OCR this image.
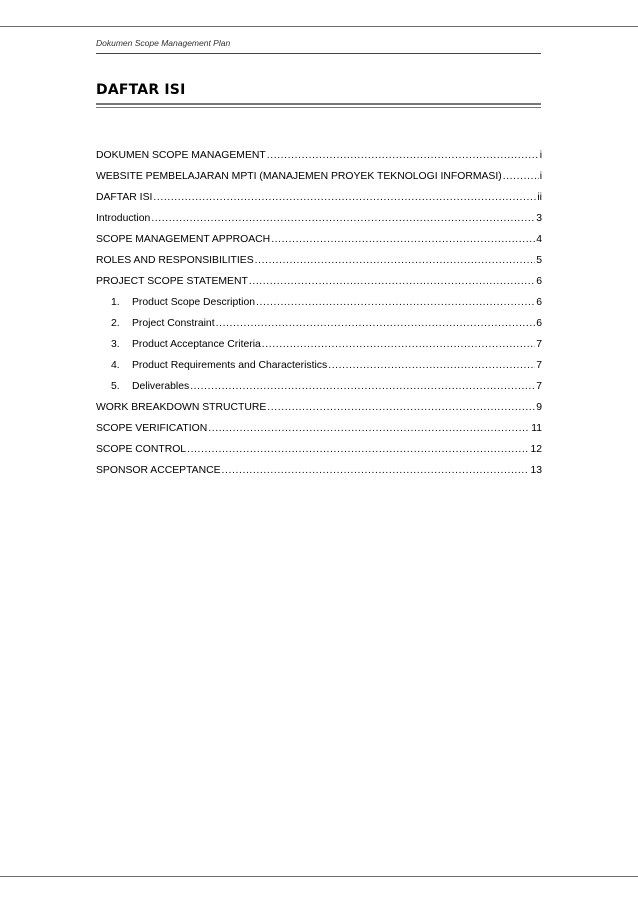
Dokumen Scope Management Plan
DAFTAR ISI
DOKUMEN SCOPE MANAGEMENT .....	i
WEBSITE PEMBELAJARAN MPTI (MANAJEMEN PROYEK TEKNOLOGI INFORMASI) .....	i
DAFTAR ISI .....	ii
Introduction .....	3
SCOPE MANAGEMENT APPROACH .....	4
ROLES AND RESPONSIBILITIES .....	5
PROJECT SCOPE STATEMENT .....	6
1.	Product Scope Description .....	6
2.	Project Constraint .....	6
3.	Product Acceptance Criteria .....	7
4.	Product Requirements and Characteristics .....	7
5.	Deliverables .....	7
WORK BREAKDOWN STRUCTURE .....	9
SCOPE VERIFICATION .....	11
SCOPE CONTROL .....	12
SPONSOR ACCEPTANCE .....	13
